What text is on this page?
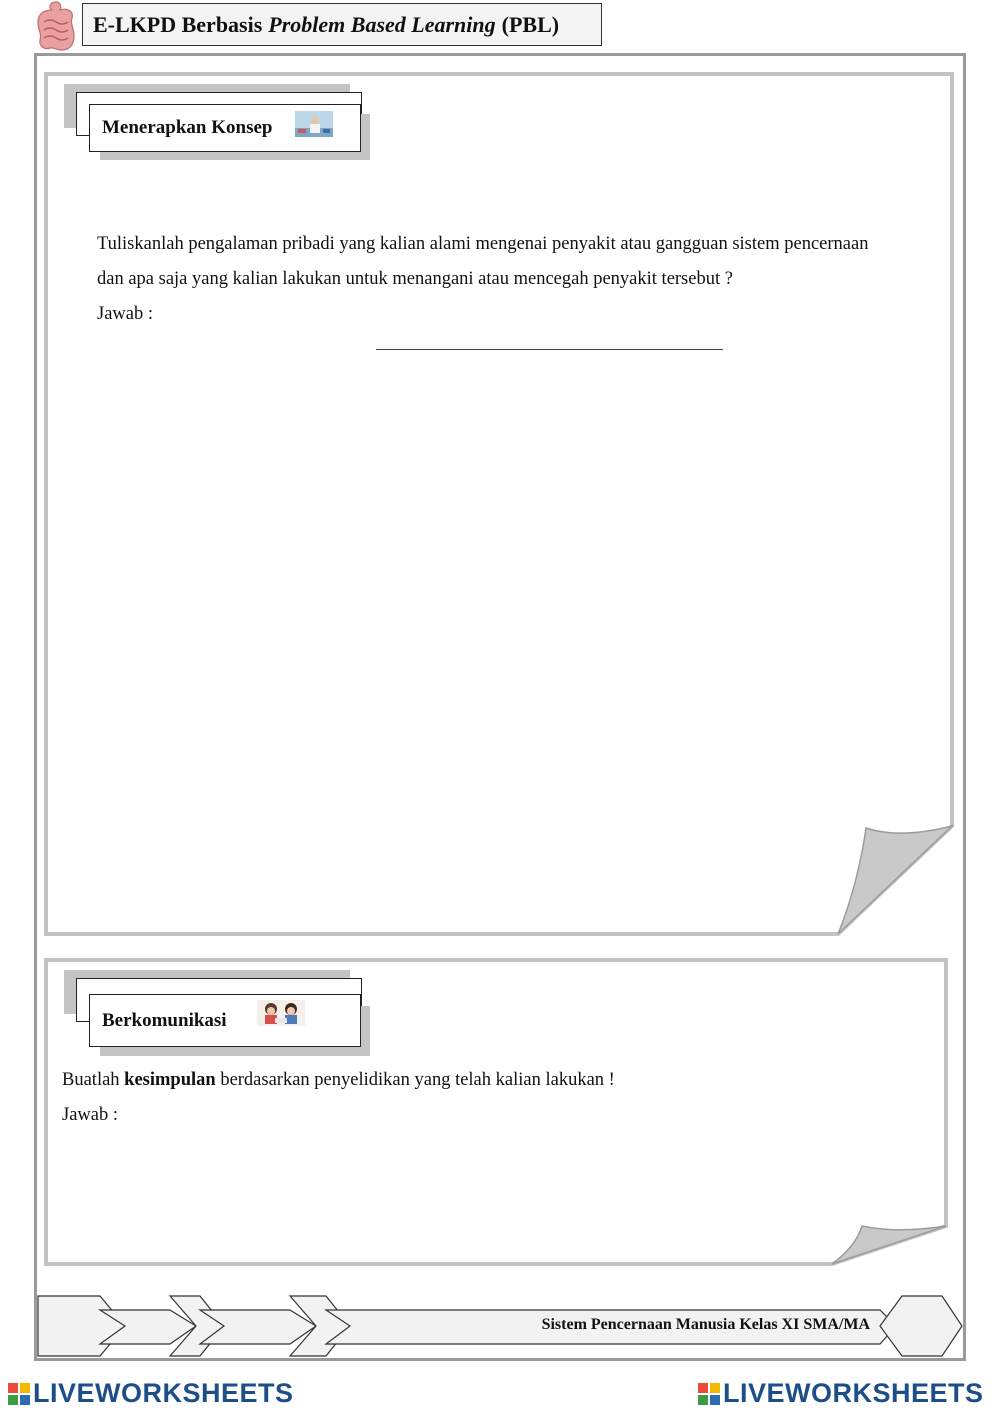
E-LKPD Berbasis Problem Based Learning (PBL)
Menerapkan Konsep
Tuliskanlah pengalaman pribadi yang kalian alami mengenai penyakit atau gangguan sistem pencernaan
dan apa saja yang kalian lakukan untuk menangani atau mencegah penyakit tersebut ?
Jawab :
Berkomunikasi
Buatlah kesimpulan berdasarkan penyelidikan yang telah kalian lakukan !
Jawab :
Sistem Pencernaan Manusia Kelas XI SMA/MA
LIVEWORKSHEETS	LIVEWORKSHEETS
